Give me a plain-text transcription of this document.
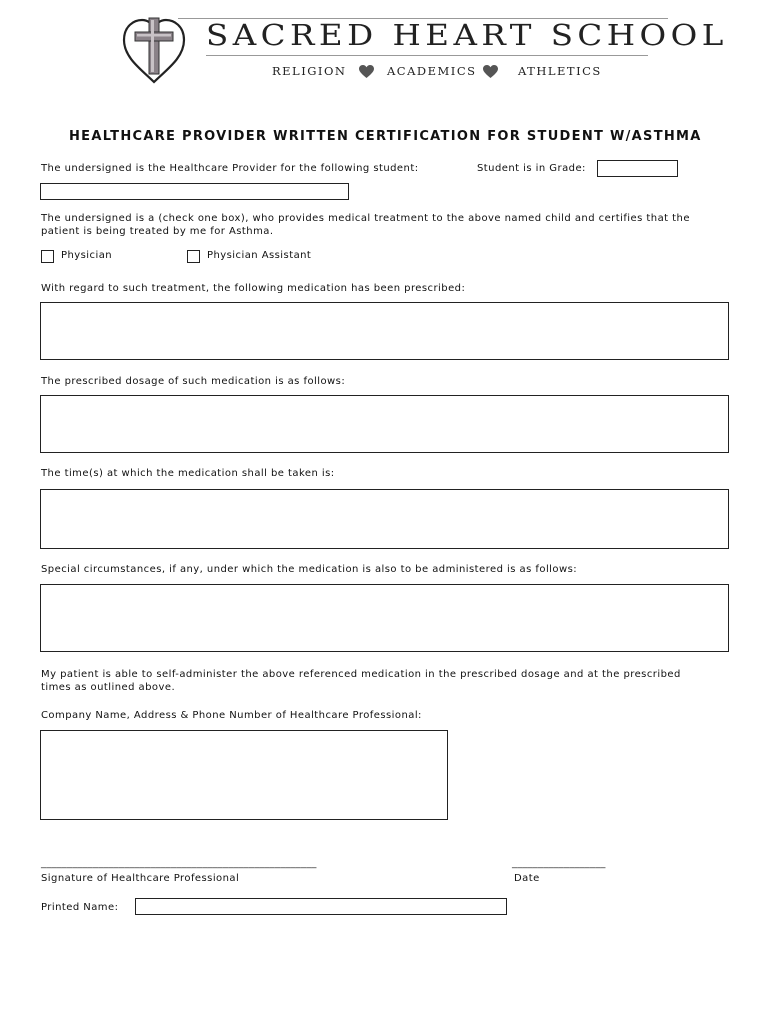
SACRED HEART SCHOOL
RELIGION	ACADEMICS	ATHLETICS
HEALTHCARE PROVIDER WRITTEN CERTIFICATION FOR STUDENT W/ASTHMA
The undersigned is the Healthcare Provider for the following student:	Student is in Grade:
The undersigned is a (check one box), who provides medical treatment to the above named child and certifies that the patient is being treated by me for Asthma.
Physician	Physician Assistant
With regard to such treatment, the following medication has been prescribed:
The prescribed dosage of such medication is as follows:
The time(s) at which the medication shall be taken is:
Special circumstances, if any, under which the medication is also to be administered is as follows:
My patient is able to self-administer the above referenced medication in the prescribed dosage and at the prescribed times as outlined above.
Company Name, Address & Phone Number of Healthcare Professional:
_____________________________________________________	__________________
Signature of Healthcare Professional	Date
Printed Name:
